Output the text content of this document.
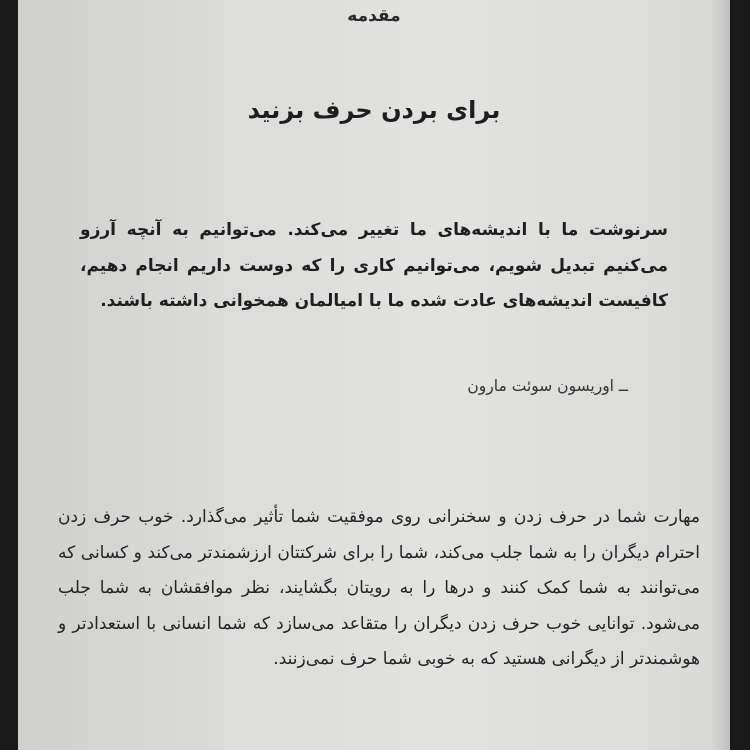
مقدمه
برای بردن حرف بزنید

سرنوشت ما با اندیشه‌های ما تغییر می‌کند. می‌توانیم به آنچه آرزو می‌کنیم تبدیل شویم، می‌توانیم کاری را که دوست داریم انجام دهیم، کافیست اندیشه‌های عادت شده ما با امیالمان همخوانی داشته باشند.

ــ اوریسون سوئت مارون

مهارت شما در حرف زدن و سخنرانی روی موفقیت شما تأثیر می‌گذارد. خوب حرف زدن احترام دیگران را به شما جلب می‌کند، شما را برای شرکتتان ارزشمندتر می‌کند و کسانی که می‌توانند به شما کمک کنند و درها را به رویتان بگشایند، نظر موافقشان به شما جلب می‌شود. توانایی خوب حرف زدن دیگران را متقاعد می‌سازد که شما انسانی با استعدادتر و هوشمندتر از دیگرانی هستید که به خوبی شما حرف نمی‌زنند.
